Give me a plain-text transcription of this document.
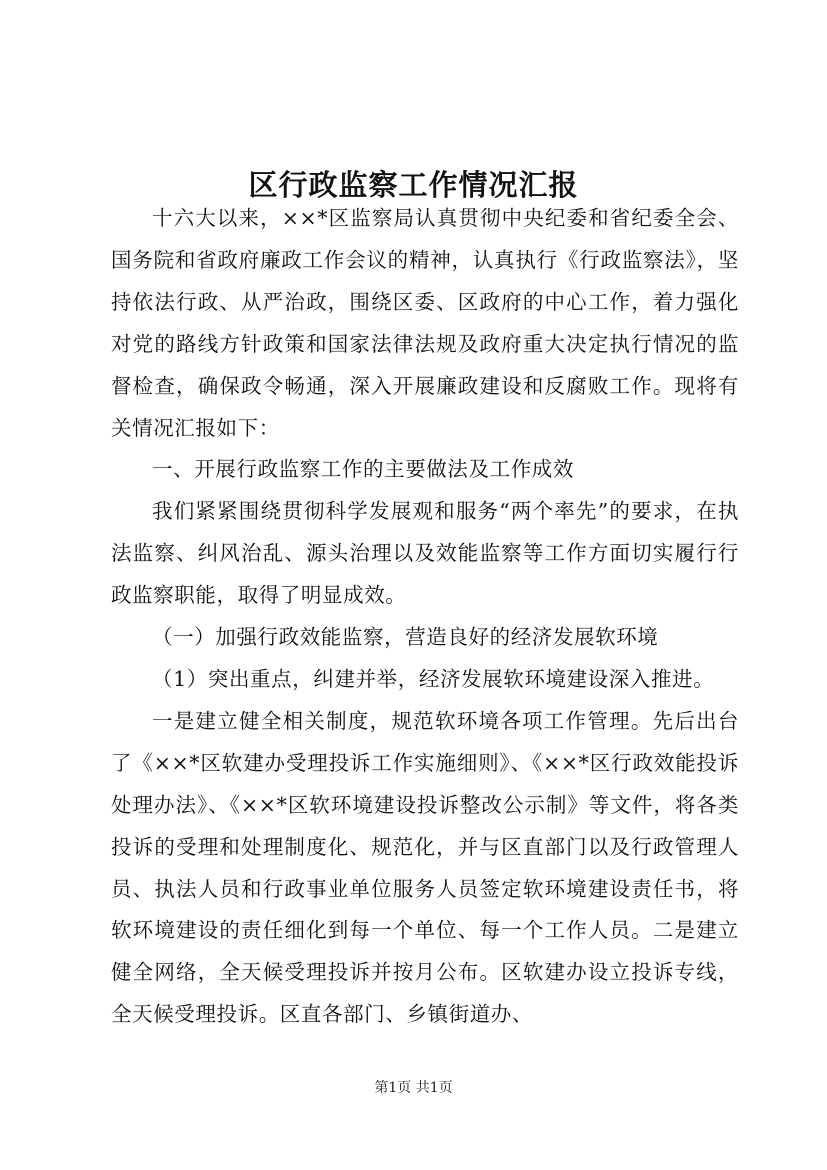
区行政监察工作情况汇报

十六大以来，××*区监察局认真贯彻中央纪委和省纪委全会、国务院和省政府廉政工作会议的精神，认真执行《行政监察法》，坚持依法行政、从严治政，围绕区委、区政府的中心工作，着力强化对党的路线方针政策和国家法律法规及政府重大决定执行情况的监督检查，确保政令畅通，深入开展廉政建设和反腐败工作。现将有关情况汇报如下：

一、开展行政监察工作的主要做法及工作成效

我们紧紧围绕贯彻科学发展观和服务“两个率先”的要求，在执法监察、纠风治乱、源头治理以及效能监察等工作方面切实履行行政监察职能，取得了明显成效。

（一）加强行政效能监察，营造良好的经济发展软环境

（1）突出重点，纠建并举，经济发展软环境建设深入推进。

一是建立健全相关制度，规范软环境各项工作管理。先后出台了《××*区软建办受理投诉工作实施细则》、《××*区行政效能投诉处理办法》、《××*区软环境建设投诉整改公示制》等文件，将各类投诉的受理和处理制度化、规范化，并与区直部门以及行政管理人员、执法人员和行政事业单位服务人员签定软环境建设责任书，将软环境建设的责任细化到每一个单位、每一个工作人员。二是建立健全网络，全天候受理投诉并按月公布。区软建办设立投诉专线，全天候受理投诉。区直各部门、乡镇街道办、

第1页 共1页
